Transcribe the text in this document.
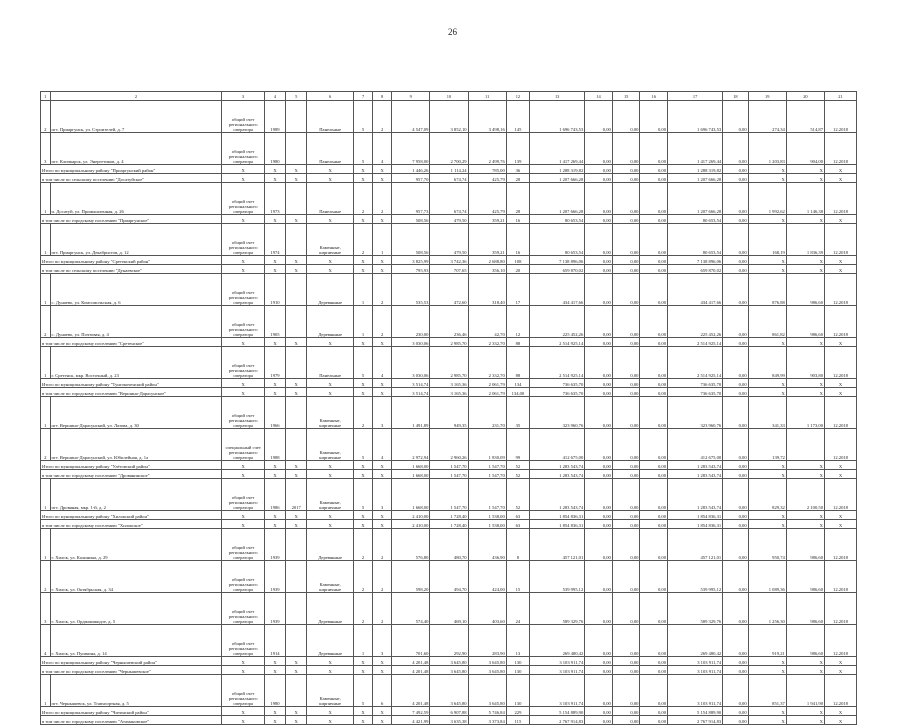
26
1	2	3	4	5	6	7	8	9	10	11	12	13	14	15	16	17	18	19	20	21
2	пгт. Приаргунск, ул. Строителей, д. 7	общий счет регионального оператора	1989		Панельные	5	2	4 547,09	3 852,10	3 498,16	145	1 696 743,53	0,00	0,00	0,00	1 696 743,53	0,00	274,34	514,87	12.2018
3	пгт. Кличкарск, ул. Энергетиков, д. 4	общий счет регионального оператора	1980		Панельные	5	4	7 958,00	2 700,29	2 499,76	139	1 417 269,44	0,00	0,00	0,00	1 417 269,44	0,00	1 203,83	904,00	12.2018
Итого по муниципальному району "Приаргунский район"		X	X	X	X	X	X	1 446,26	1 114,24	785,00	36	1 288 319,82	0,00	0,00	0,00	1 288 319,82	0,00	X	X	X
в том числе по сельскому поселению "Досатуйское"		X	X	X	X	X	X	957,70	674,74	425,79	28	1 207 666,28	0,00	0,00	0,00	1 207 666,28	0,00	X	X	X
1	п. Досатуй, ул. Промышленная, д. 26	общий счет регионального оператора	1973		Панельные	2	2	957,73	674,74	425,79	28	1 207 666,28	0,00	0,00	0,00	1 207 666,28	0,00	1 992,62	1 146,38	12.2018
в том числе по городскому поселению "Приаргунское"		X	X	X	X	X	X	508,56	479,50	359,21	16	80 653,54	0,00	0,00	0,00	80 653,54	0,00	X	X	X
1	пгт. Приаргунск, ул. Декабристов, д. 12	общий счет регионального оператора	1974		Каменные, кирпичные	2	1	508,56	479,50	359,21	16	80 653,54	0,00	0,00	0,00	80 653,54	0,00	168,19	1 836,39	12.2018
Итого по муниципальному району "Сретенский район"		X	X	X	X	X	X	3 825,99	3 742,36	2 688,80	108	7 138 896,06	0,00	0,00	0,00	7 138 896,06	0,00	X	X	X
в том числе по сельскому поселению "Дунаевское"		X	X	X	X	X	X	795,93	707,65	356,10	20	659 870,02	0,00	0,00	0,00	659 870,02	0,00	X	X	X
1	с. Дунаево, ул. Комсомольская, д. 6	общий счет регионального оператора	1910		Деревянные	1	2	535,53	472,60	318,40	17	434 417,66	0,00	0,00	0,00	434 417,66	0,00	876,88	986,60	12.2018
2	с. Дунаево, ул. Почтовая, д. 4	общий счет регионального оператора	1905		Деревянные	1	2	230,00	236,46	42,70	12	225 452,26	0,00	0,00	0,00	225 452,26	0,00	861,82	986,60	12.2018
в том числе по городскому поселению "Сретенское"		X	X	X	X	X	X	3 030,06	2 985,70	2 332,70	88	2 514 925,14	0,00	0,00	0,00	2 514 925,14	0,00	X	X	X
1	г. Сретенск, мкр. Восточный, д. 23	общий счет регионального оператора	1979		Панельные	5	4	3 030,06	2 985,70	2 332,70	88	2 514 925,14	0,00	0,00	0,00	2 514 925,14	0,00	849,99	903,80	12.2018
Итого по муниципальному району "Тунгокоченский район"		X	X	X	X	X	X	3 514,74	3 165,36	2 061,79	134	736 635,70	0,00	0,00	0,00	736 635,70	0,00	X	X	X
в том числе по городскому поселению "Вершино-Дарасунское"		X	X	X	X	X	X	3 514,74	3 165,36	2 061,79	134,00	736 635,70	0,00	0,00	0,00	736 635,70	0,00	X	X	X
1	пгт. Вершино-Дарасунский, ул. Лазова, д. 30	общий счет регионального оператора	1966		Каменные, кирпичные	2	3	1 491,89	949,35	231,70	35	323 960,76	0,00	0,00	0,00	323 960,76	0,00	341,33	1 173,00	12.2018
2	пгт. Вершино-Дарасунский, ул. Юбилейная, д. 1а	специальный счет регионального оператора	1988		Каменные, кирпичные	5	4	2 972,94	2 960,26	1 830,09	99	412 675,00	0,00	0,00	0,00	412 675,00	0,00	139,72		12.2018
Итого по муниципальному району "Улётовский район"		X	X	X	X	X	X	1 668,00	1 547,70	1 547,70	52	1 283 543,74	0,00	0,00	0,00	1 283 543,74	0,00	X	X	X
в том числе по городскому поселению "Дровянинское"		X	X	X	X	X	X	1 668,00	1 547,70	1 547,70	52	1 283 543,74	0,00	0,00	0,00	1 283 543,74	0,00	X	X	X
1	пгт. Дровяная, мкр. 1-й, д. 2	общий счет регионального оператора	1986	2017	Каменные, кирпичные	5	3	1 668,00	1 547,70	1 547,70	52	1 283 543,74	0,00	0,00	0,00	1 283 543,74	0,00	829,32	2 100,50	12.2018
Итого по муниципальному району "Хилокский район"		X	X	X	X	X	X	2 410,00	1 728,40	1 538,00	63	1 854 836,31	0,00	0,00	0,00	1 854 836,31	0,00	X	X	X
в том числе по городскому поселению "Хилокское"		X	X	X	X	X	X	2 410,00	1 728,40	1 538,00	63	1 854 836,31	0,00	0,00	0,00	1 854 836,31	0,00	X	X	X
1	г. Хилок, ул. Калинина, д. 29	общий счет регионального оператора	1939		Деревянные	2	2	576,80	480,70	436,90	8	457 121,01	0,00	0,00	0,00	457 121,01	0,00	950,74	986,60	12.2018
2	г. Хилок, ул. Октябрьская, д. 34	общий счет регионального оператора	1939		Каменные, кирпичные	2	2	598,20	494,70	424,00	15	539 995,12	0,00	0,00	0,00	539 995,12	0,00	1 089,36	986,60	12.2018
3	г. Хилок, ул. Орджоникидзе, д. 5	общий счет регионального оператора	1939		Деревянные	2	2	574,40	469,10	403,60	24	589 329,76	0,00	0,00	0,00	589 329,76	0,00	1 256,30	986,60	12.2018
4	г. Хилок, ул. Пушкина, д. 14	общий счет регионального оператора	1914		Деревянные	1	3	701,60	292,90	283,90	13	269 480,42	0,00	0,00	0,00	269 480,42	0,00	919,21	986,60	12.2018
Итого по муниципальному району "Чернышевский район"		X	X	X	X	X	X	4 201,48	3 645,80	3 645,80	130	3 103 911,74	0,00	0,00	0,00	3 103 911,74	0,00	X	X	X
в том числе по городскому поселению "Чернышевское"		X	X	X	X	X	X	4 201,48	3 645,80	3 645,80	130	3 103 911,74	0,00	0,00	0,00	3 103 911,74	0,00	X	X	X
1	пгт. Чернышевск, ул. Transпортная, д. 5	общий счет регионального оператора	1980		Каменные, кирпичные	5	6	4 201,48	3 645,80	3 645,80	130	3 103 911,74	0,00	0,00	0,00	3 103 911,74	0,00	851,37	1 941,90	12.2018
Итого по муниципальному району "Читинский район"		X	X	X	X	X	X	7 492,59	6 907,88	5 746,84	229	5 154 889,90	0,00	0,00	0,00	5 154 889,90	0,00	X	X	X
в том числе по городскому поселению "Атамановское"		X	X	X	X	X	X	4 421,99	3 635,38	3 373,84	115	2 767 914,83	0,00	0,00	0,00	2 767 914,83	0,00	X	X	X
